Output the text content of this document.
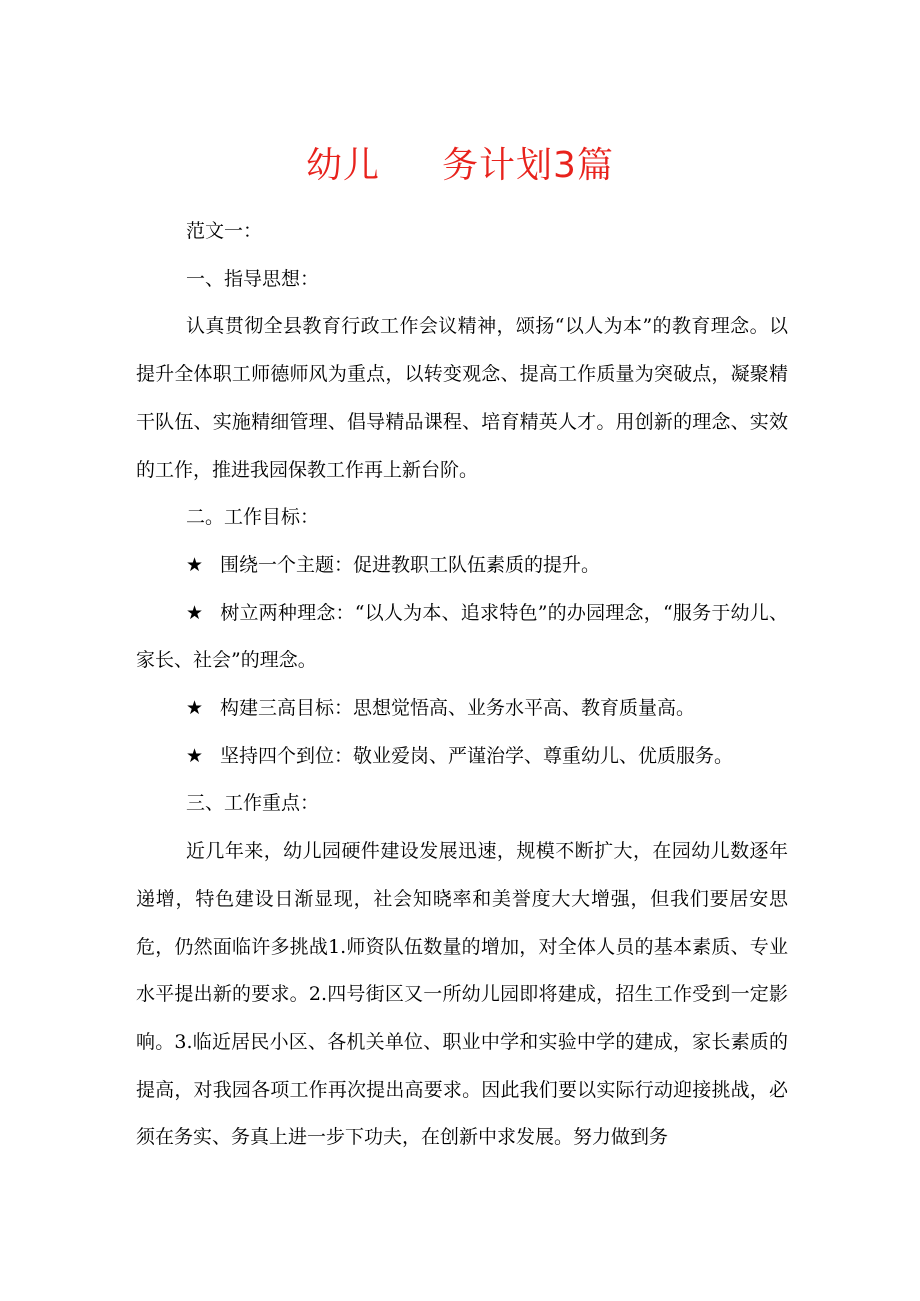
幼儿 务计划3篇

范文一：

一、指导思想：

认真贯彻全县教育行政工作会议精神，颂扬“以人为本”的教育理念。以提升全体职工师德师风为重点，以转变观念、提高工作质量为突破点，凝聚精干队伍、实施精细管理、倡导精品课程、培育精英人才。用创新的理念、实效的工作，推进我园保教工作再上新台阶。

二。工作目标：

★ 围绕一个主题：促进教职工队伍素质的提升。

★ 树立两种理念：“以人为本、追求特色”的办园理念，“服务于幼儿、家长、社会”的理念。

★ 构建三高目标：思想觉悟高、业务水平高、教育质量高。

★ 坚持四个到位：敬业爱岗、严谨治学、尊重幼儿、优质服务。

三、工作重点：

近几年来，幼儿园硬件建设发展迅速，规模不断扩大，在园幼儿数逐年递增，特色建设日渐显现，社会知晓率和美誉度大大增强，但我们要居安思危，仍然面临许多挑战1.师资队伍数量的增加，对全体人员的基本素质、专业水平提出新的要求。2.四号街区又一所幼儿园即将建成，招生工作受到一定影响。3.临近居民小区、各机关单位、职业中学和实验中学的建成，家长素质的提高，对我园各项工作再次提出高要求。因此我们要以实际行动迎接挑战，必须在务实、务真上进一步下功夫，在创新中求发展。努力做到务
